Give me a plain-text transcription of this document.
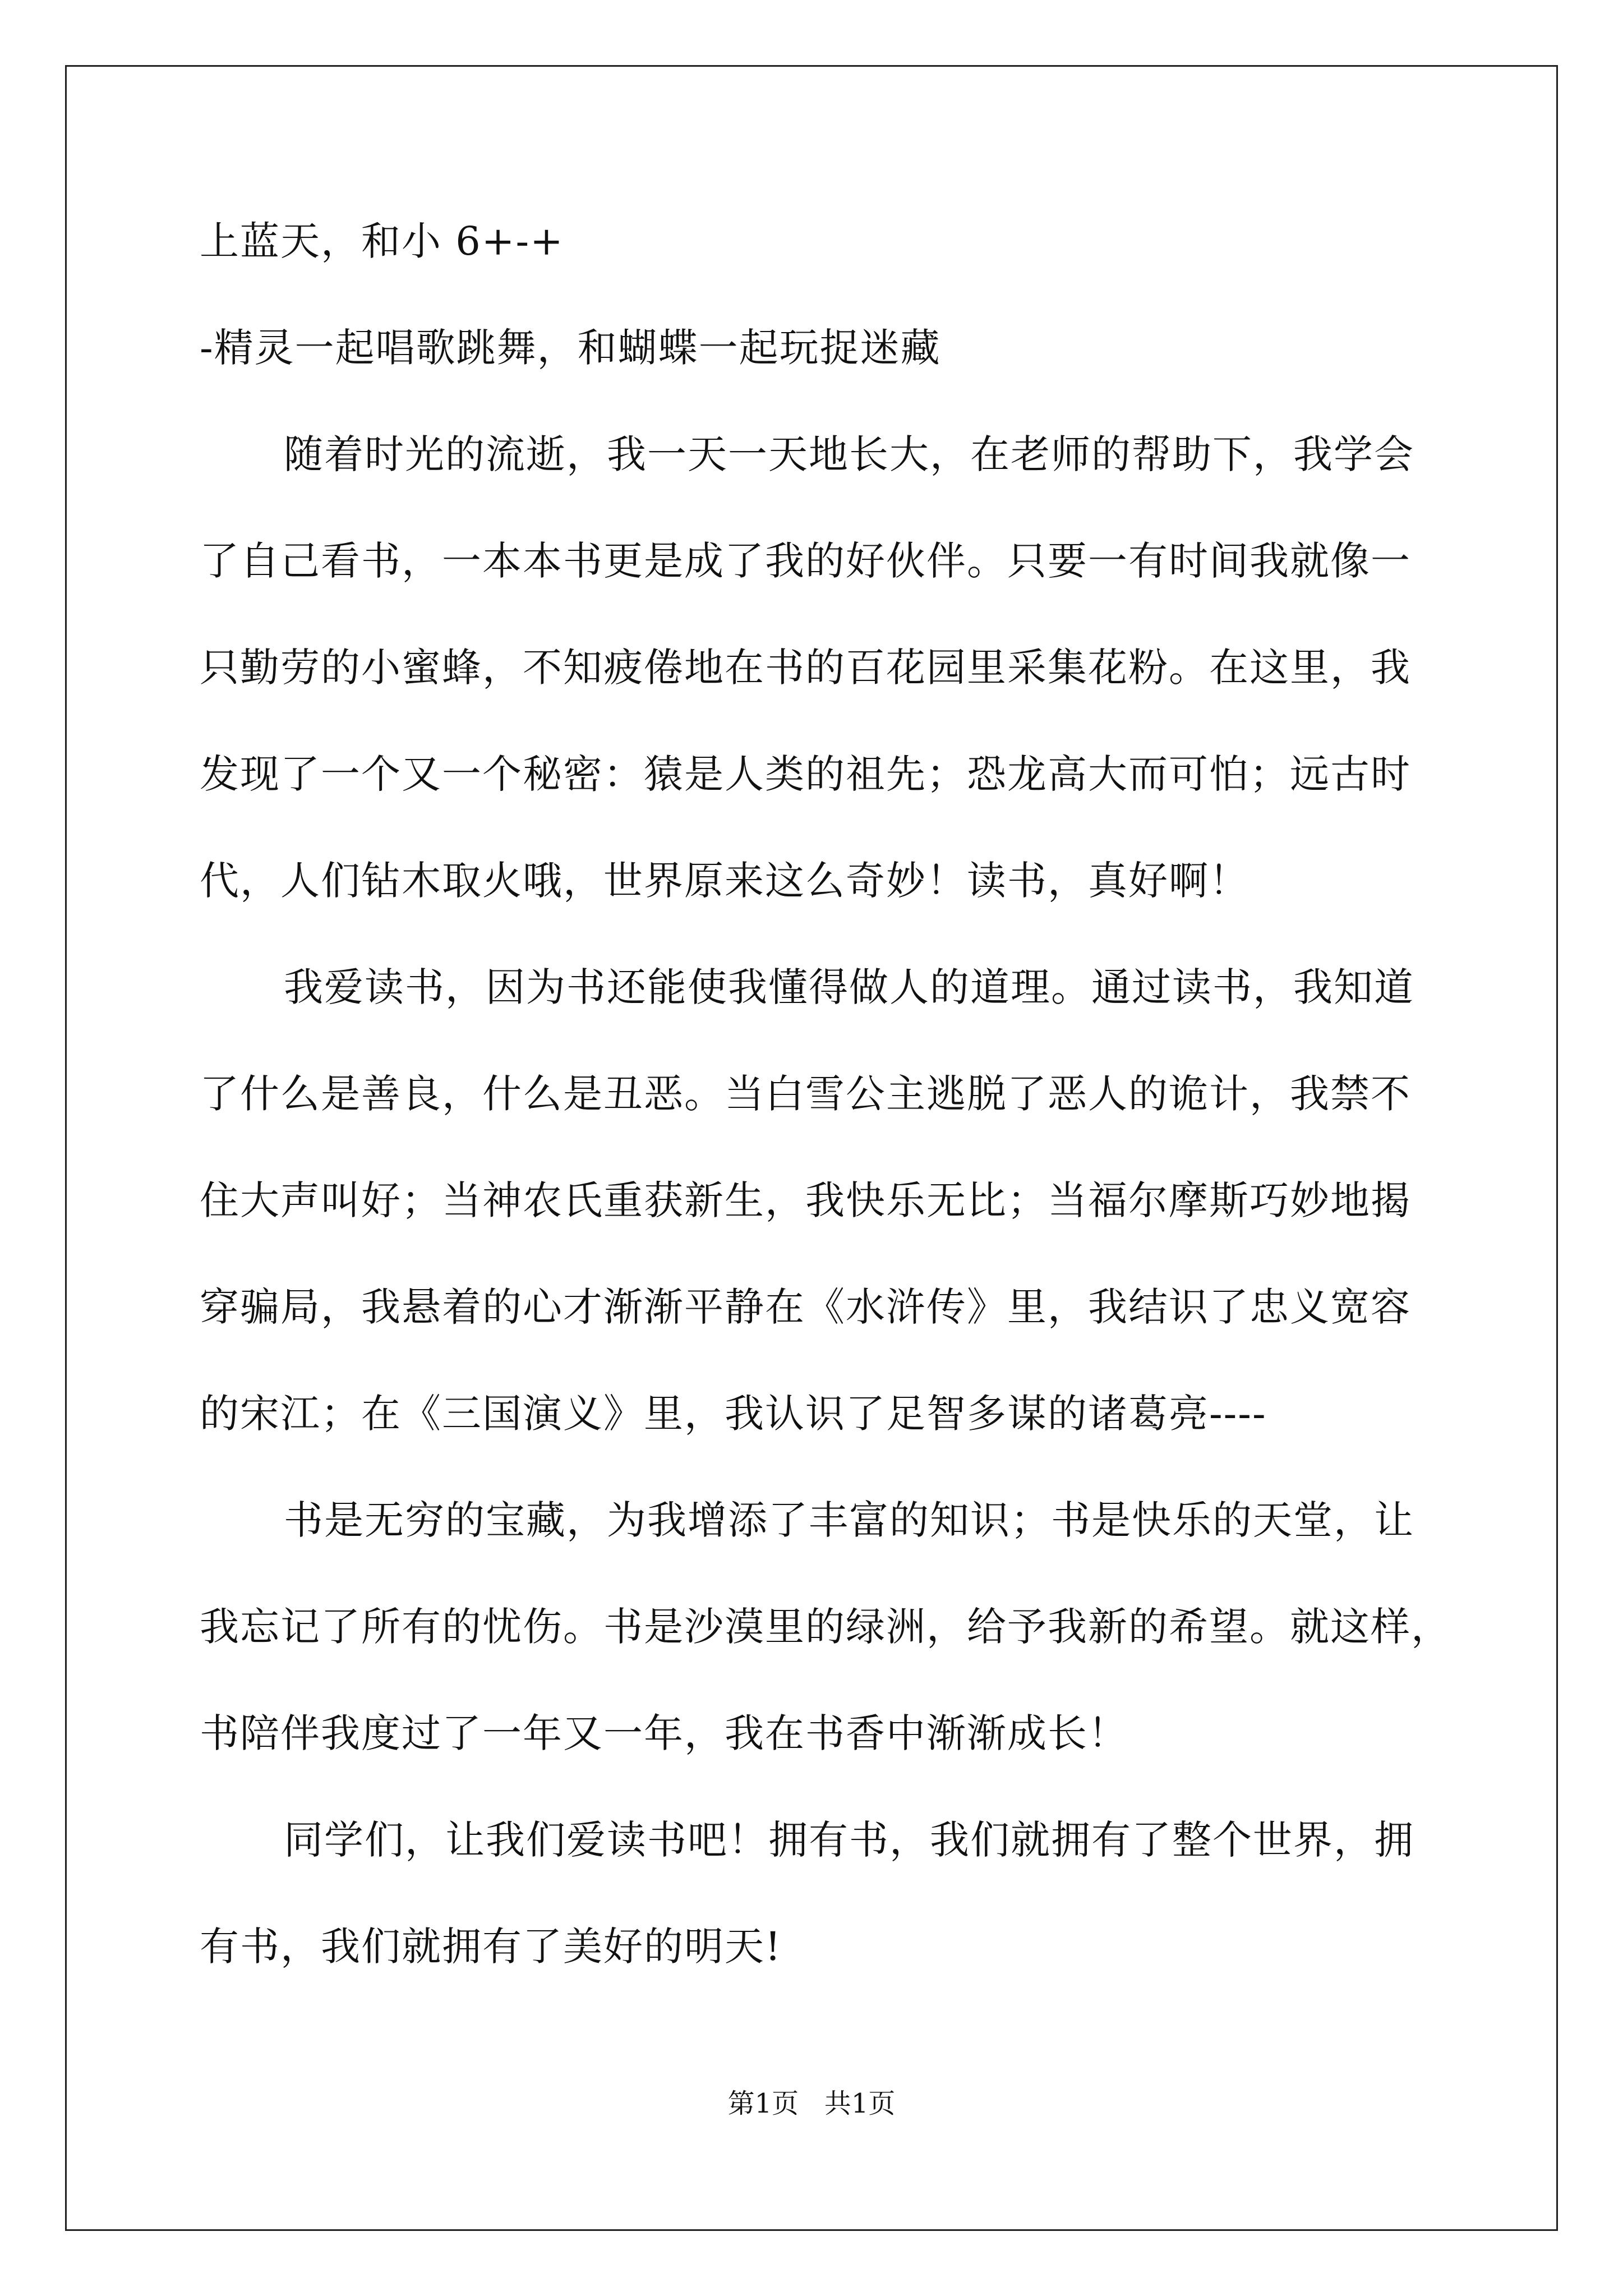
上蓝天，和小 6+-+
-精灵一起唱歌跳舞，和蝴蝶一起玩捉迷藏
随着时光的流逝，我一天一天地长大，在老师的帮助下，我学会
了自己看书，一本本书更是成了我的好伙伴。只要一有时间我就像一
只勤劳的小蜜蜂，不知疲倦地在书的百花园里采集花粉。在这里，我
发现了一个又一个秘密：猿是人类的祖先；恐龙高大而可怕；远古时
代，人们钻木取火哦，世界原来这么奇妙！读书，真好啊！
我爱读书，因为书还能使我懂得做人的道理。通过读书，我知道
了什么是善良，什么是丑恶。当白雪公主逃脱了恶人的诡计，我禁不
住大声叫好；当神农氏重获新生，我快乐无比；当福尔摩斯巧妙地揭
穿骗局，我悬着的心才渐渐平静在《水浒传》里，我结识了忠义宽容
的宋江；在《三国演义》里，我认识了足智多谋的诸葛亮----
书是无穷的宝藏，为我增添了丰富的知识；书是快乐的天堂，让
我忘记了所有的忧伤。书是沙漠里的绿洲，给予我新的希望。就这样，
书陪伴我度过了一年又一年，我在书香中渐渐成长！
同学们，让我们爱读书吧！拥有书，我们就拥有了整个世界，拥
有书，我们就拥有了美好的明天!
第1页   共1页
